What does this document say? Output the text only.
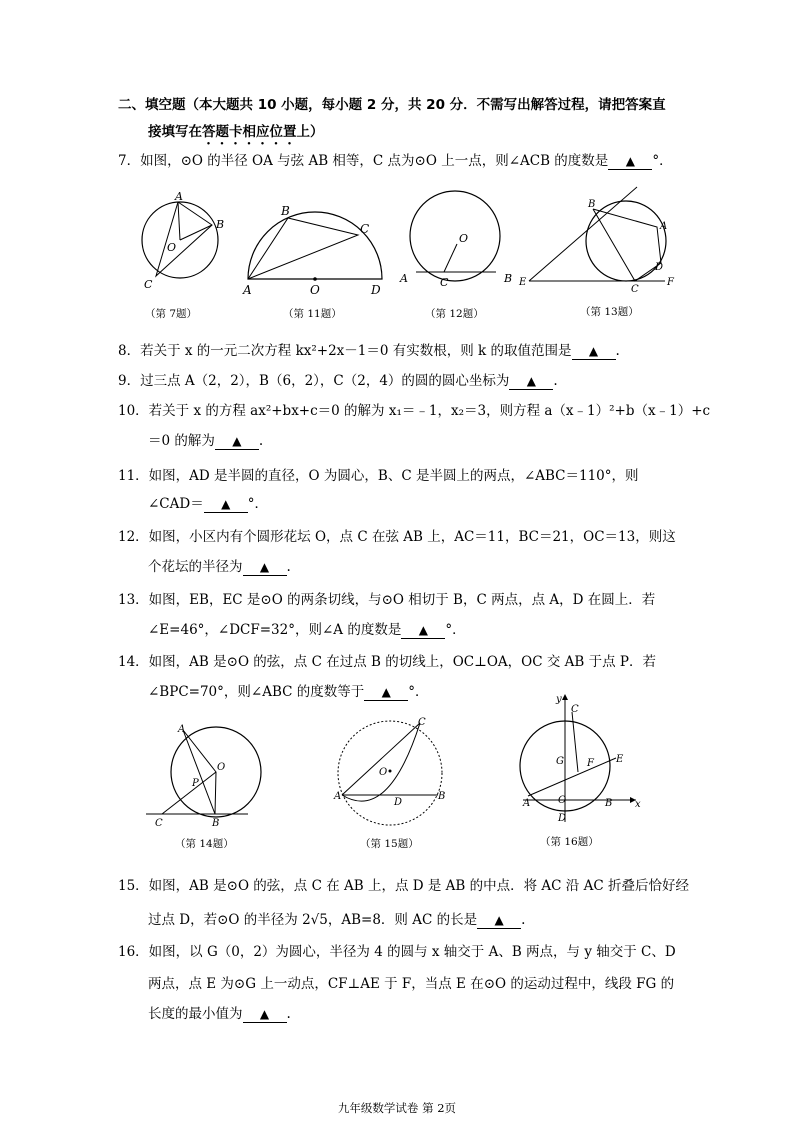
二、填空题（本大题共 10 小题，每小题 2 分，共 20 分．不需写出解答过程，请把答案直
接填写在答题卡相应位置上）
7．如图，⊙O 的半径 OA 与弦 AB 相等，C 点为⊙O 上一点，则∠ACB 的度数是 ▲ °．
A
B
C
O
（第 7题）
A
B
C
O	D
（第 11题）
O
A	B
C
（第 12题）
B
A
D
C
E	F
（第 13题）
8．若关于 x 的一元二次方程 kx²+2x－1＝0 有实数根，则 k 的取值范围是 ▲ .
9．过三点 A（2，2），B（6，2），C（2，4）的圆的圆心坐标为 ▲ .
10．若关于 x 的方程 ax²+bx+c＝0 的解为 x₁＝﹣1，x₂＝3，则方程 a（x﹣1）²+b（x﹣1）+c
＝0 的解为 ▲ .
11．如图，AD 是半圆的直径，O 为圆心，B、C 是半圆上的两点，∠ABC＝110°，则
∠CAD＝ ▲ °．
12．如图，小区内有个圆形花坛 O，点 C 在弦 AB 上，AC＝11，BC＝21，OC＝13，则这
个花坛的半径为 ▲ .
13．如图，EB，EC 是⊙O 的两条切线，与⊙O 相切于 B，C 两点，点 A，D 在圆上．若
∠E=46°，∠DCF=32°，则∠A 的度数是 ▲ °．
14．如图，AB 是⊙O 的弦，点 C 在过点 B 的切线上，OC⊥OA，OC 交 AB 于点 P．若
∠BPC=70°，则∠ABC 的度数等于 ▲ °．
A
O
P
B
C
（第 14题）
O
A	B
C
D
（第 15题）
y
x
C
G F E
A	O	B
D
（第 16题）
15．如图，AB 是⊙O 的弦，点 C 在 AB 上，点 D 是 AB 的中点．将 AC 沿 AC 折叠后恰好经
过点 D，若⊙O 的半径为 2√5，AB=8．则 AC 的长是 ▲ .
16．如图，以 G（0，2）为圆心，半径为 4 的圆与 x 轴交于 A、B 两点，与 y 轴交于 C、D
两点，点 E 为⊙G 上一动点，CF⊥AE 于 F，当点 E 在⊙O 的运动过程中，线段 FG 的
长度的最小值为 ▲ .
九年级数学试卷 第 2页
